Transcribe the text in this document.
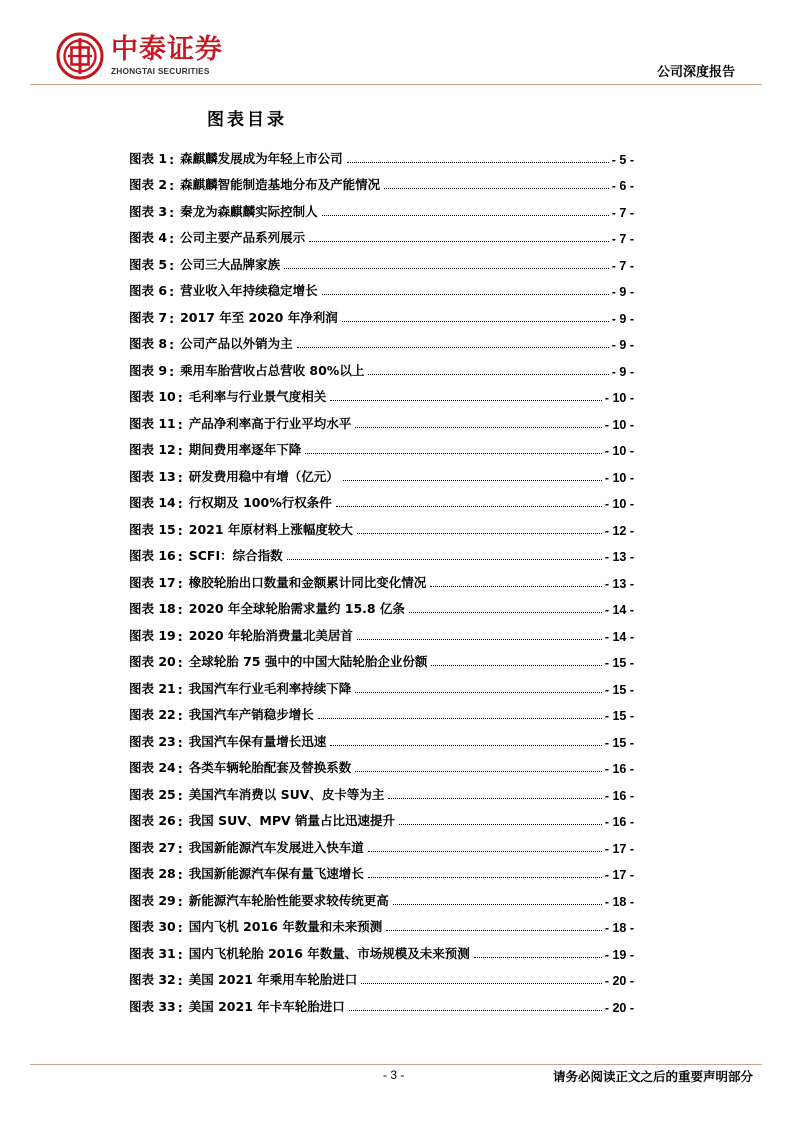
中泰证券
ZHONGTAI SECURITIES	公司深度报告
图表目录
图表 1 : 森麒麟发展成为年轻上市公司	- 5 -
图表 2 : 森麒麟智能制造基地分布及产能情况	- 6 -
图表 3 : 秦龙为森麒麟实际控制人	- 7 -
图表 4 : 公司主要产品系列展示	- 7 -
图表 5 : 公司三大品牌家族	- 7 -
图表 6 : 营业收入年持续稳定增长	- 9 -
图表 7 : 2017 年至 2020 年净利润	- 9 -
图表 8 : 公司产品以外销为主	- 9 -
图表 9 : 乘用车胎营收占总营收 80%以上	- 9 -
图表 10 : 毛利率与行业景气度相关	- 10 -
图表 11 : 产品净利率高于行业平均水平	- 10 -
图表 12 : 期间费用率逐年下降	- 10 -
图表 13 : 研发费用稳中有增（亿元）	- 10 -
图表 14 : 行权期及 100%行权条件	- 10 -
图表 15 : 2021 年原材料上涨幅度较大	- 12 -
图表 16 : SCFI：综合指数	- 13 -
图表 17 : 橡胶轮胎出口数量和金额累计同比变化情况	- 13 -
图表 18 : 2020 年全球轮胎需求量约 15.8 亿条	- 14 -
图表 19 : 2020 年轮胎消费量北美居首	- 14 -
图表 20 : 全球轮胎 75 强中的中国大陆轮胎企业份额	- 15 -
图表 21 : 我国汽车行业毛利率持续下降	- 15 -
图表 22 : 我国汽车产销稳步增长	- 15 -
图表 23 : 我国汽车保有量增长迅速	- 15 -
图表 24 : 各类车辆轮胎配套及替换系数	- 16 -
图表 25 : 美国汽车消费以 SUV、皮卡等为主	- 16 -
图表 26 : 我国 SUV、MPV 销量占比迅速提升	- 16 -
图表 27 : 我国新能源汽车发展进入快车道	- 17 -
图表 28 : 我国新能源汽车保有量飞速增长	- 17 -
图表 29 : 新能源汽车轮胎性能要求较传统更高	- 18 -
图表 30 : 国内飞机 2016 年数量和未来预测	- 18 -
图表 31 : 国内飞机轮胎 2016 年数量、市场规模及未来预测	- 19 -
图表 32 : 美国 2021 年乘用车轮胎进口	- 20 -
图表 33 : 美国 2021 年卡车轮胎进口	- 20 -
- 3 -	请务必阅读正文之后的重要声明部分
